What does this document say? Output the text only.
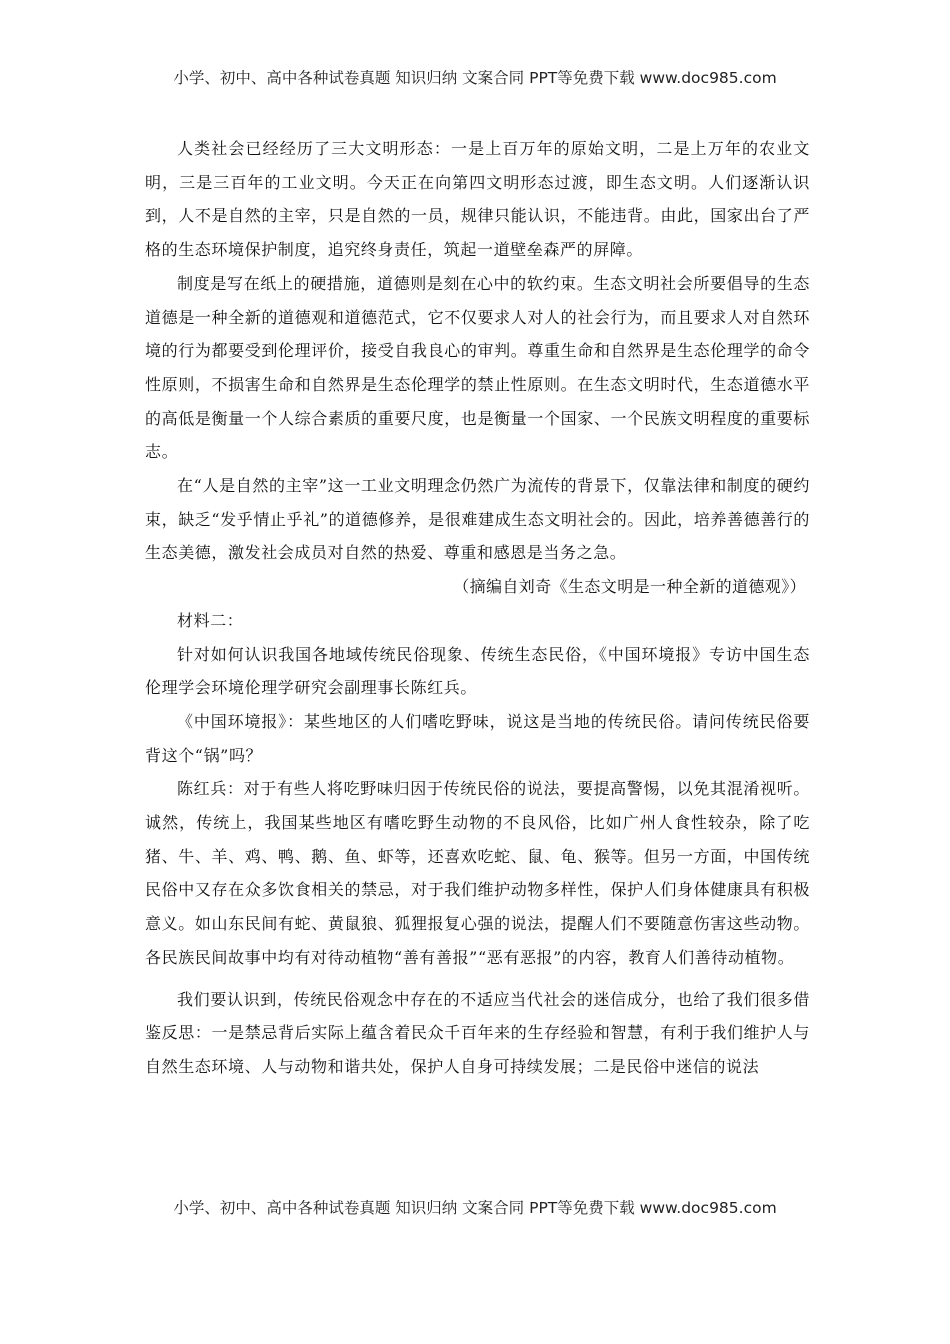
小学、初中、高中各种试卷真题 知识归纳 文案合同 PPT等免费下载 www.doc985.com

人类社会已经经历了三大文明形态：一是上百万年的原始文明，二是上万年的农业文明，三是三百年的工业文明。今天正在向第四文明形态过渡，即生态文明。人们逐渐认识到，人不是自然的主宰，只是自然的一员，规律只能认识，不能违背。由此，国家出台了严格的生态环境保护制度，追究终身责任，筑起一道壁垒森严的屏障。

制度是写在纸上的硬措施，道德则是刻在心中的软约束。生态文明社会所要倡导的生态道德是一种全新的道德观和道德范式，它不仅要求人对人的社会行为，而且要求人对自然环境的行为都要受到伦理评价，接受自我良心的审判。尊重生命和自然界是生态伦理学的命令性原则，不损害生命和自然界是生态伦理学的禁止性原则。在生态文明时代，生态道德水平的高低是衡量一个人综合素质的重要尺度，也是衡量一个国家、一个民族文明程度的重要标志。

在“人是自然的主宰”这一工业文明理念仍然广为流传的背景下，仅靠法律和制度的硬约束，缺乏“发乎情止乎礼”的道德修养，是很难建成生态文明社会的。因此，培养善德善行的生态美德，激发社会成员对自然的热爱、尊重和感恩是当务之急。

（摘编自刘奇《生态文明是一种全新的道德观》）

材料二：

针对如何认识我国各地域传统民俗现象、传统生态民俗，《中国环境报》专访中国生态伦理学会环境伦理学研究会副理事长陈红兵。

《中国环境报》：某些地区的人们嗜吃野味，说这是当地的传统民俗。请问传统民俗要背这个“锅”吗？

陈红兵：对于有些人将吃野味归因于传统民俗的说法，要提高警惕，以免其混淆视听。诚然，传统上，我国某些地区有嗜吃野生动物的不良风俗，比如广州人食性较杂，除了吃猪、牛、羊、鸡、鸭、鹅、鱼、虾等，还喜欢吃蛇、鼠、龟、猴等。但另一方面，中国传统民俗中又存在众多饮食相关的禁忌，对于我们维护动物多样性，保护人们身体健康具有积极意义。如山东民间有蛇、黄鼠狼、狐狸报复心强的说法，提醒人们不要随意伤害这些动物。各民族民间故事中均有对待动植物“善有善报”“恶有恶报”的内容，教育人们善待动植物。

我们要认识到，传统民俗观念中存在的不适应当代社会的迷信成分，也给了我们很多借鉴反思：一是禁忌背后实际上蕴含着民众千百年来的生存经验和智慧，有利于我们维护人与自然生态环境、人与动物和谐共处，保护人自身可持续发展；二是民俗中迷信的说法

小学、初中、高中各种试卷真题 知识归纳 文案合同 PPT等免费下载 www.doc985.com
